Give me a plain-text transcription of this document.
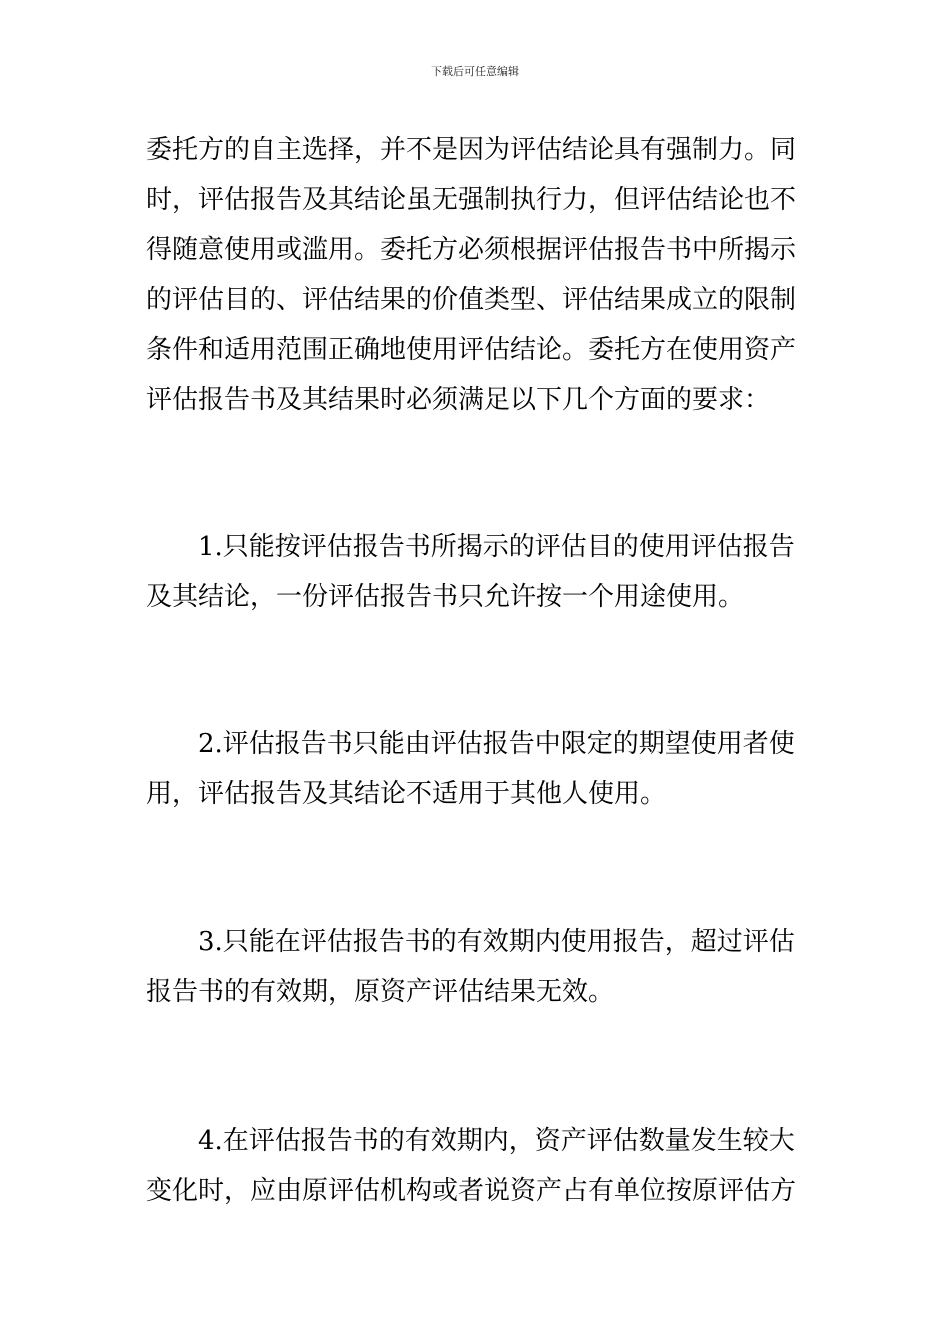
下载后可任意编辑
委托方的自主选择，并不是因为评估结论具有强制力。同
时，评估报告及其结论虽无强制执行力，但评估结论也不
得随意使用或滥用。委托方必须根据评估报告书中所揭示
的评估目的、评估结果的价值类型、评估结果成立的限制
条件和适用范围正确地使用评估结论。委托方在使用资产
评估报告书及其结果时必须满足以下几个方面的要求：
1.只能按评估报告书所揭示的评估目的使用评估报告
及其结论，一份评估报告书只允许按一个用途使用。
2.评估报告书只能由评估报告中限定的期望使用者使
用，评估报告及其结论不适用于其他人使用。
3.只能在评估报告书的有效期内使用报告，超过评估
报告书的有效期，原资产评估结果无效。
4.在评估报告书的有效期内，资产评估数量发生较大
变化时，应由原评估机构或者说资产占有单位按原评估方
